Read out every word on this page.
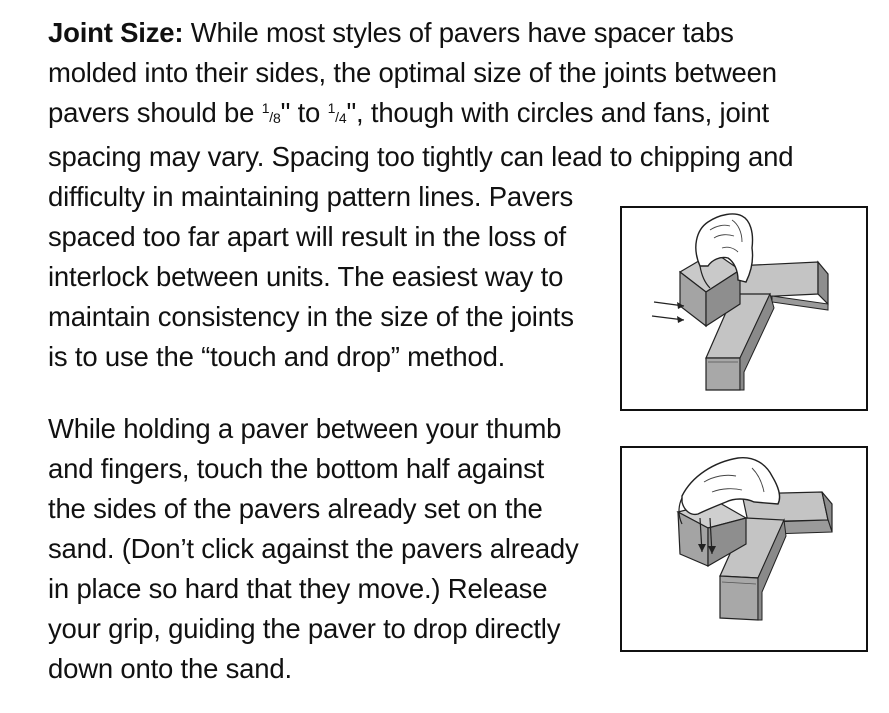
Joint Size: While most styles of pavers have spacer tabs
molded into their sides, the optimal size of the joints between
pavers should be 1/8" to 1/4", though with circles and fans, joint
spacing may vary. Spacing too tightly can lead to chipping and
difficulty in maintaining pattern lines. Pavers
spaced too far apart will result in the loss of
interlock between units. The easiest way to
maintain consistency in the size of the joints
is to use the “touch and drop” method.
While holding a paver between your thumb
and fingers, touch the bottom half against
the sides of the pavers already set on the
sand. (Don’t click against the pavers already
in place so hard that they move.) Release
your grip, guiding the paver to drop directly
down onto the sand.
